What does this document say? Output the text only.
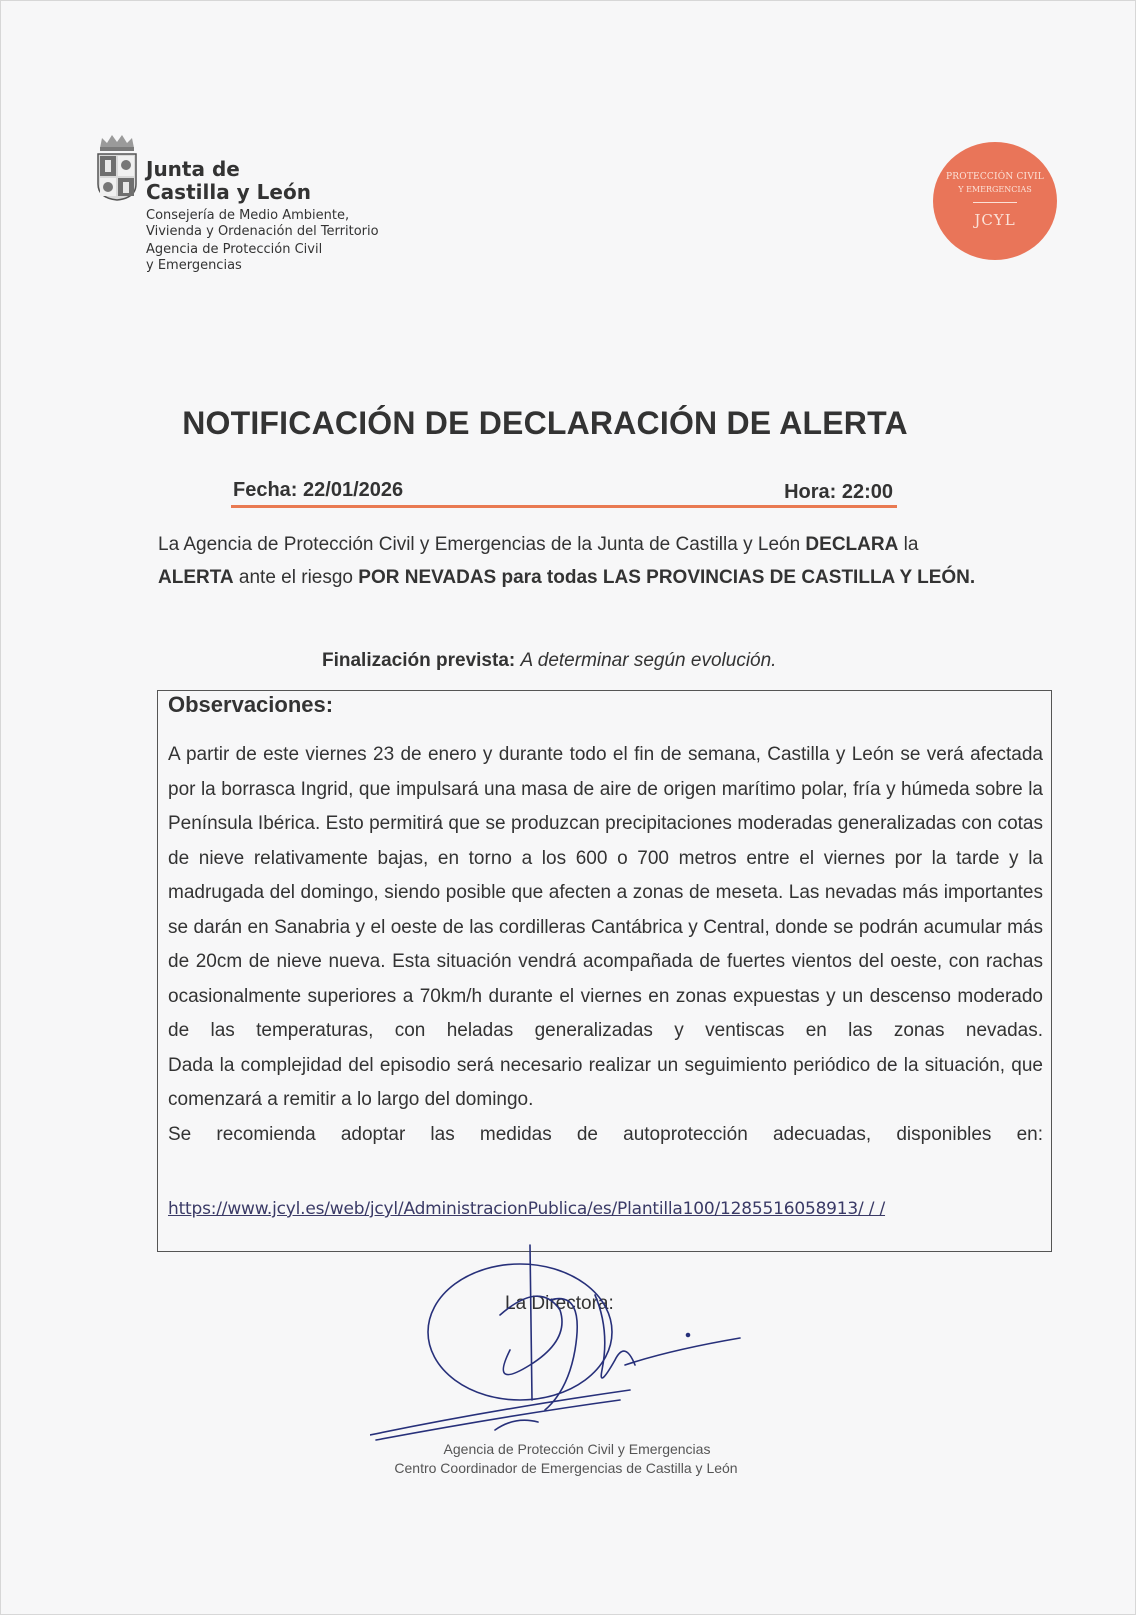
Junta de
Castilla y León
Consejería de Medio Ambiente,
Vivienda y Ordenación del Territorio
Agencia de Protección Civil
y Emergencias
PROTECCIÓN CIVIL
Y EMERGENCIAS
JCYL
NOTIFICACIÓN DE DECLARACIÓN DE ALERTA
Fecha: 22/01/2026	Hora: 22:00
La Agencia de Protección Civil y Emergencias de la Junta de Castilla y León DECLARA la ALERTA ante el riesgo POR NEVADAS para todas LAS PROVINCIAS DE CASTILLA Y LEÓN.
Finalización prevista: A determinar según evolución.
Observaciones:

A partir de este viernes 23 de enero y durante todo el fin de semana, Castilla y León se verá afectada por la borrasca Ingrid, que impulsará una masa de aire de origen marítimo polar, fría y húmeda sobre la Península Ibérica. Esto permitirá que se produzcan precipitaciones moderadas generalizadas con cotas de nieve relativamente bajas, en torno a los 600 o 700 metros entre el viernes por la tarde y la madrugada del domingo, siendo posible que afecten a zonas de meseta. Las nevadas más importantes se darán en Sanabria y el oeste de las cordilleras Cantábrica y Central, donde se podrán acumular más de 20cm de nieve nueva. Esta situación vendrá acompañada de fuertes vientos del oeste, con rachas ocasionalmente superiores a 70km/h durante el viernes en zonas expuestas y un descenso moderado de las temperaturas, con heladas generalizadas y ventiscas en las zonas nevadas.

Dada la complejidad del episodio será necesario realizar un seguimiento periódico de la situación, que comenzará a remitir a lo largo del domingo.

Se recomienda adoptar las medidas de autoprotección adecuadas, disponibles en:

https://www.jcyl.es/web/jcyl/AdministracionPublica/es/Plantilla100/1285516058913/ / /
La Directora:
Agencia de Protección Civil y Emergencias
Centro Coordinador de Emergencias de Castilla y León
